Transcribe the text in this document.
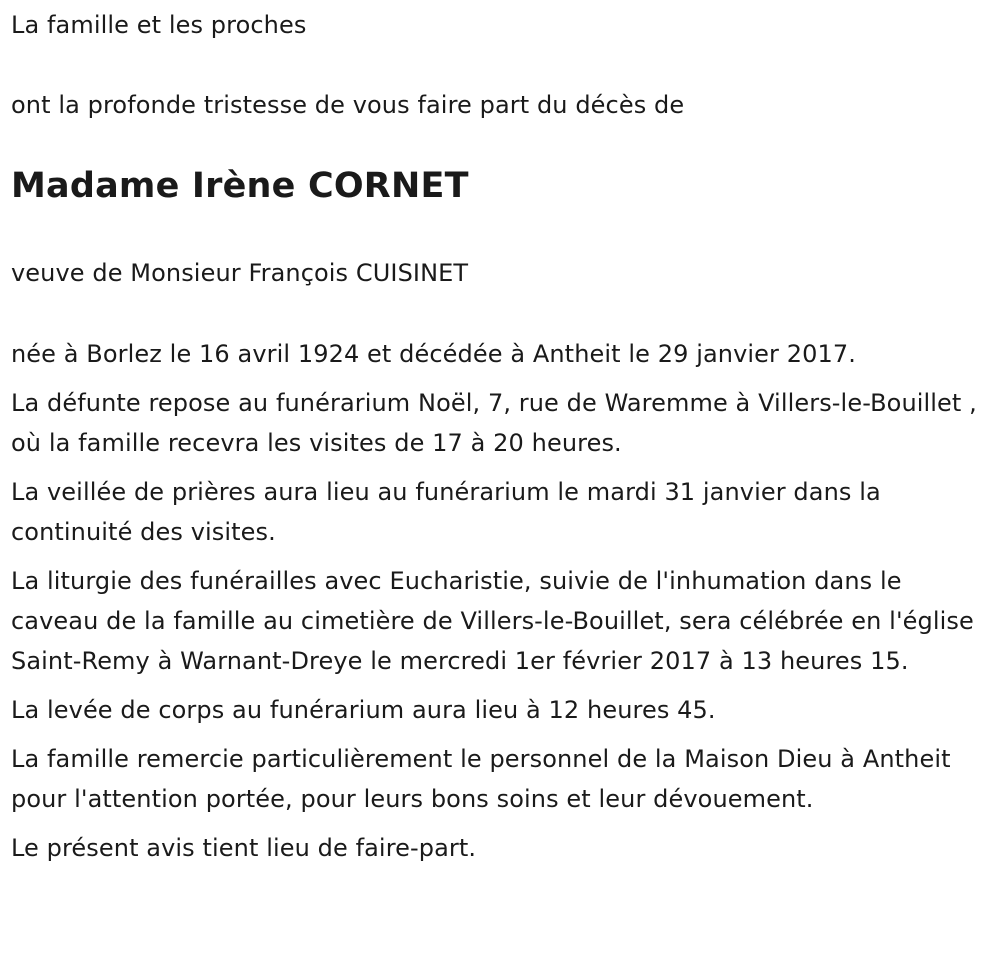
La famille et les proches

ont la profonde tristesse de vous faire part du décès de

Madame Irène CORNET

veuve de Monsieur François CUISINET

née à Borlez le 16 avril 1924 et décédée à Antheit le 29 janvier 2017.

La défunte repose au funérarium Noël, 7, rue de Waremme à Villers-le-Bouillet , où la famille recevra les visites de 17 à 20 heures.

La veillée de prières aura lieu au funérarium le mardi 31 janvier dans la continuité des visites.

La liturgie des funérailles avec Eucharistie, suivie de l'inhumation dans le caveau de la famille au cimetière de Villers-le-Bouillet, sera célébrée en l'église Saint-Remy à Warnant-Dreye le mercredi 1er février 2017 à 13 heures 15.

La levée de corps au funérarium aura lieu à 12 heures 45.

La famille remercie particulièrement le personnel de la Maison Dieu à Antheit pour l'attention portée, pour leurs bons soins et leur dévouement.

Le présent avis tient lieu de faire-part.
